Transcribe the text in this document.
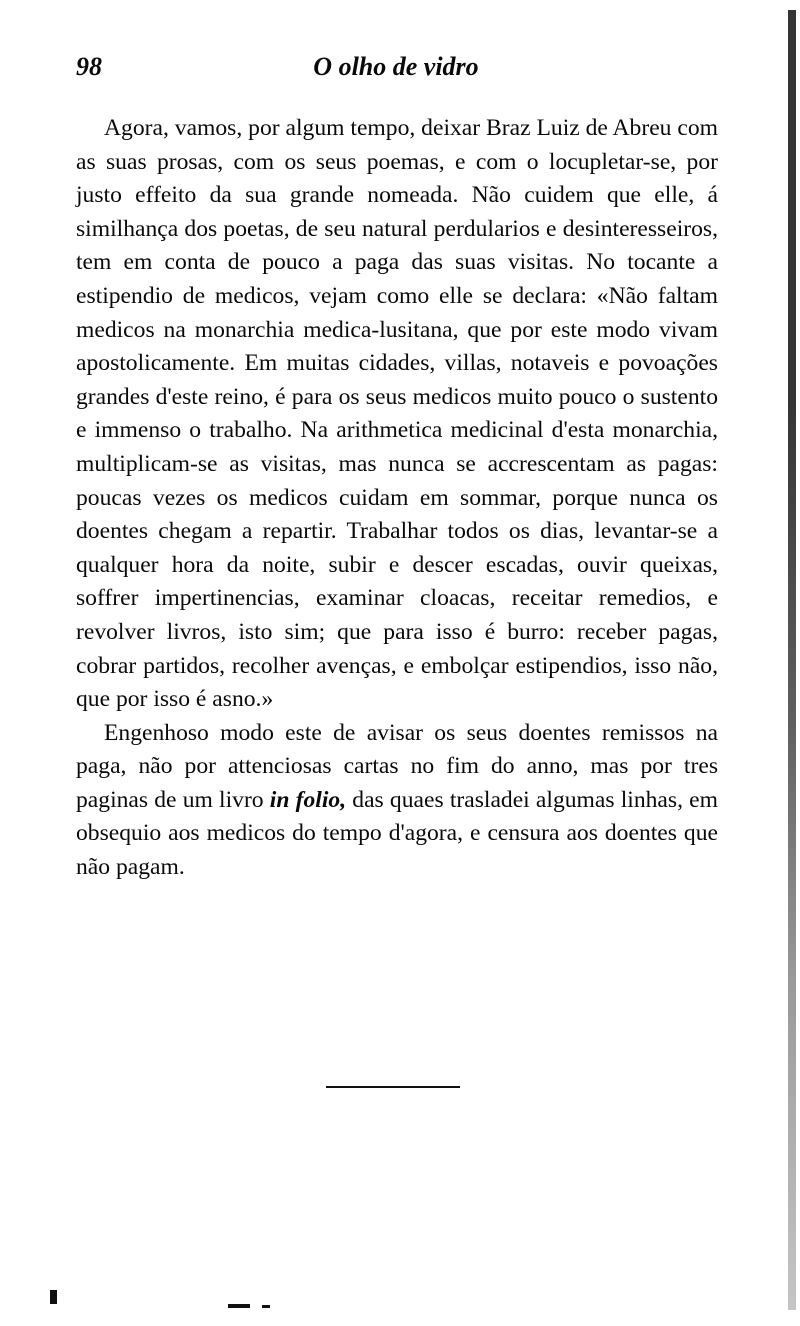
98	O olho de vidro

Agora, vamos, por algum tempo, deixar Braz Luiz de Abreu com as suas prosas, com os seus poemas, e com o locupletar-se, por justo effeito da sua grande nomeada. Não cuidem que elle, á similhança dos poetas, de seu natural perdularios e desinteresseiros, tem em conta de pouco a paga das suas visitas. No tocante a estipendio de medicos, vejam como elle se declara: «Não faltam medicos na monarchia medica-lusitana, que por este modo vivam apostolicamente. Em muitas cidades, villas, notaveis e povoações grandes d'este reino, é para os seus medicos muito pouco o sustento e immenso o trabalho. Na arithmetica medicinal d'esta monarchia, multiplicam-se as visitas, mas nunca se accrescentam as pagas: poucas vezes os medicos cuidam em sommar, porque nunca os doentes chegam a repartir. Trabalhar todos os dias, levantar-se a qualquer hora da noite, subir e descer escadas, ouvir queixas, soffrer impertinencias, examinar cloacas, receitar remedios, e revolver livros, isto sim; que para isso é burro: receber pagas, cobrar partidos, recolher avenças, e embolçar estipendios, isso não, que por isso é asno.»

Engenhoso modo este de avisar os seus doentes remissos na paga, não por attenciosas cartas no fim do anno, mas por tres paginas de um livro in folio, das quaes trasladei algumas linhas, em obsequio aos medicos do tempo d'agora, e censura aos doentes que não pagam.
